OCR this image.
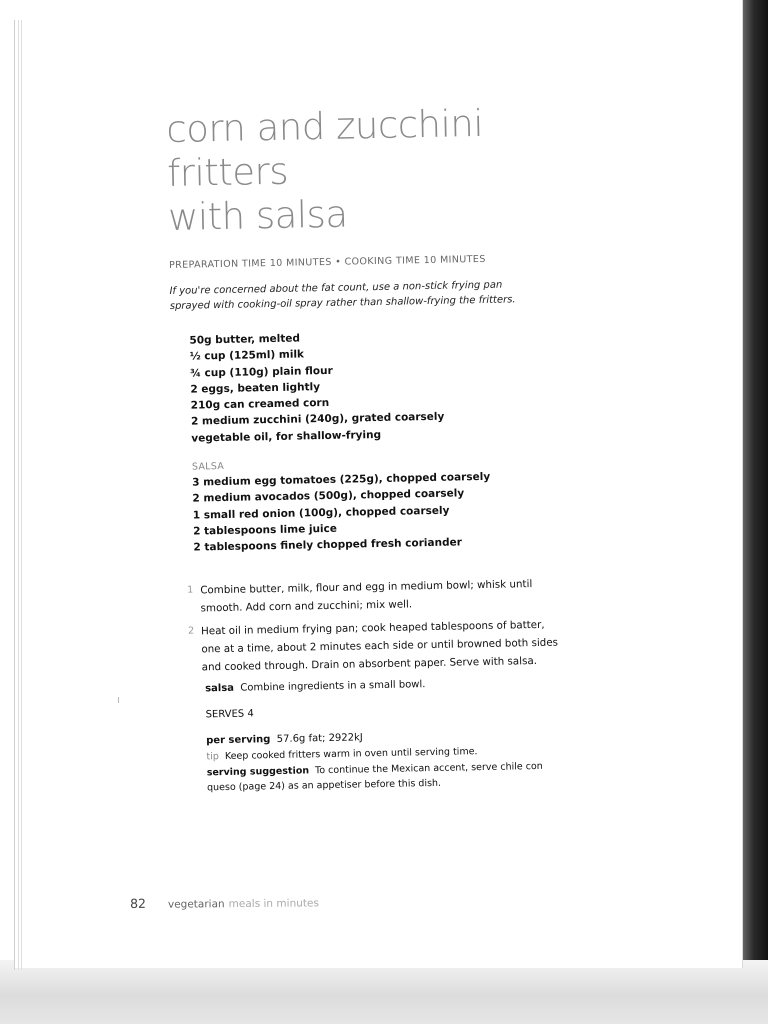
corn and zucchini fritters
with salsa
PREPARATION TIME 10 MINUTES • COOKING TIME 10 MINUTES
If you're concerned about the fat count, use a non-stick frying pan sprayed with cooking-oil spray rather than shallow-frying the fritters.
50g butter, melted
½ cup (125ml) milk
¾ cup (110g) plain flour
2 eggs, beaten lightly
210g can creamed corn
2 medium zucchini (240g), grated coarsely
vegetable oil, for shallow-frying
SALSA
3 medium egg tomatoes (225g), chopped coarsely
2 medium avocados (500g), chopped coarsely
1 small red onion (100g), chopped coarsely
2 tablespoons lime juice
2 tablespoons finely chopped fresh coriander
1 Combine butter, milk, flour and egg in medium bowl; whisk until smooth. Add corn and zucchini; mix well.
2 Heat oil in medium frying pan; cook heaped tablespoons of batter, one at a time, about 2 minutes each side or until browned both sides and cooked through. Drain on absorbent paper. Serve with salsa.
salsa Combine ingredients in a small bowl.
SERVES 4
per serving 57.6g fat; 2922kJ
tip Keep cooked fritters warm in oven until serving time.
serving suggestion To continue the Mexican accent, serve chile con queso (page 24) as an appetiser before this dish.
82 vegetarian meals in minutes
